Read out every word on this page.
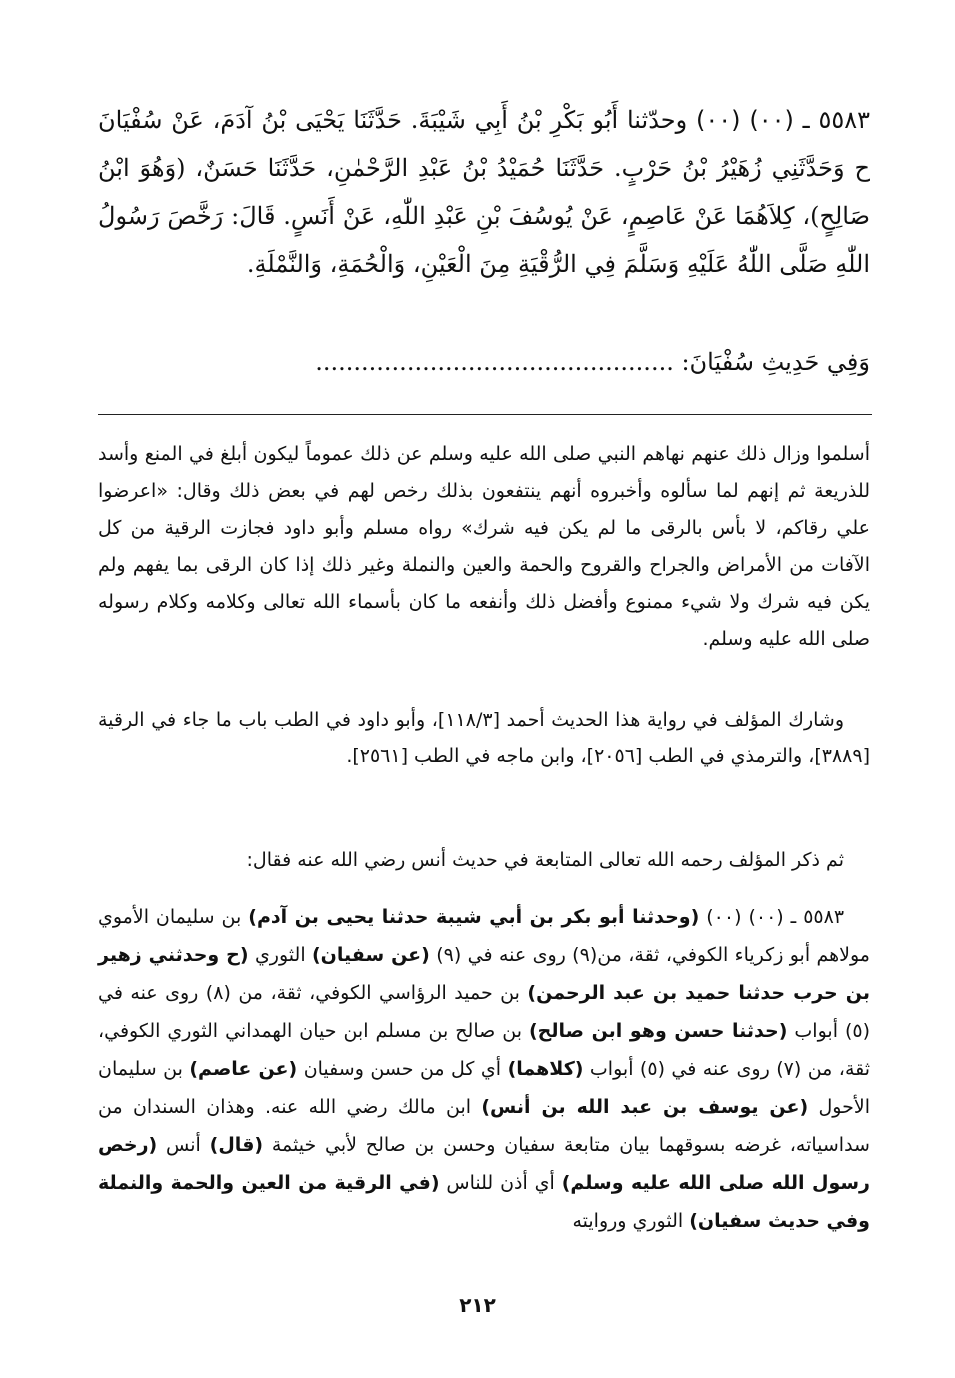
٥٥٨٣ ـ (٠٠) (٠٠) وحدّثنا أَبُو بَكْرِ بْنُ أَبِي شَيْبَةَ. حَدَّثَنَا يَحْيَى بْنُ آدَمَ، عَنْ سُفْيَانَ ح وَحَدَّثَنِي زُهَيْرُ بْنُ حَرْبٍ. حَدَّثَنَا حُمَيْدُ بْنُ عَبْدِ الرَّحْمٰنِ، حَدَّثَنَا حَسَنٌ، (وَهُوَ ابْنُ صَالِحٍ)، كِلاَهُمَا عَنْ عَاصِمٍ، عَنْ يُوسُفَ بْنِ عَبْدِ اللّٰهِ، عَنْ أَنَسٍ. قَالَ: رَخَّصَ رَسُولُ اللّٰهِ صَلَّى اللّٰهُ عَلَيْهِ وَسَلَّمَ فِي الرُّقْيَةِ مِنَ الْعَيْنِ، وَالْحُمَةِ، وَالنَّمْلَةِ.
وَفِي حَدِيثِ سُفْيَانَ: ...............................................
أسلموا وزال ذلك عنهم نهاهم النبي صلى الله عليه وسلم عن ذلك عموماً ليكون أبلغ في المنع وأسد للذريعة ثم إنهم لما سألوه وأخبروه أنهم ينتفعون بذلك رخص لهم في بعض ذلك وقال: «اعرضوا علي رقاكم، لا بأس بالرقى ما لم يكن فيه شرك» رواه مسلم وأبو داود فجازت الرقية من كل الآفات من الأمراض والجراح والقروح والحمة والعين والنملة وغير ذلك إذا كان الرقى بما يفهم ولم يكن فيه شرك ولا شيء ممنوع وأفضل ذلك وأنفعه ما كان بأسماء الله تعالى وكلامه وكلام رسوله صلى الله عليه وسلم.
وشارك المؤلف في رواية هذا الحديث أحمد [١١٨/٣]، وأبو داود في الطب باب ما جاء في الرقية [٣٨٨٩]، والترمذي في الطب [٢٠٥٦]، وابن ماجه في الطب [٢٥٦١].
ثم ذكر المؤلف رحمه الله تعالى المتابعة في حديث أنس رضي الله عنه فقال:
٥٥٨٣ ـ (٠٠) (٠٠) (وحدثنا أبو بكر بن أبي شيبة حدثنا يحيى بن آدم) بن سليمان الأموي مولاهم أبو زكرياء الكوفي، ثقة، من(٩) روى عنه في (٩) (عن سفيان) الثوري (ح وحدثني زهير بن حرب حدثنا حميد بن عبد الرحمن) بن حميد الرؤاسي الكوفي، ثقة، من (٨) روى عنه في (٥) أبواب (حدثنا حسن وهو ابن صالح) بن صالح بن مسلم ابن حيان الهمداني الثوري الكوفي، ثقة، من (٧) روى عنه في (٥) أبواب (كلاهما) أي كل من حسن وسفيان (عن عاصم) بن سليمان الأحول (عن يوسف بن عبد الله بن أنس) ابن مالك رضي الله عنه. وهذان السندان من سداسياته، غرضه بسوقهما بيان متابعة سفيان وحسن بن صالح لأبي خيثمة (قال) أنس (رخص رسول الله صلى الله عليه وسلم) أي أذن للناس (في الرقية من العين والحمة والنملة وفي حديث سفيان) الثوري وروايته
٢١٢
